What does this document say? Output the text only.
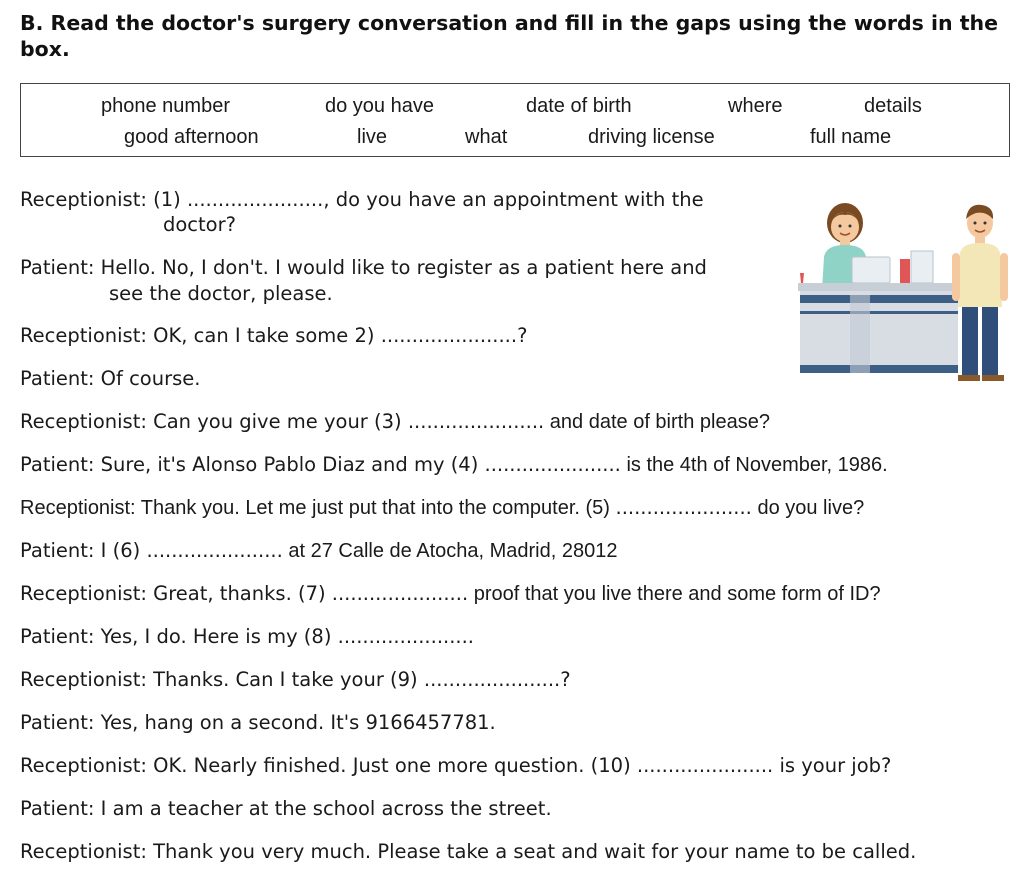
B. Read the doctor's surgery conversation and fill in the gaps using the words in the box.
phone number	do you have	date of birth	where	details
good afternoon	live	what	driving license	full name
Receptionist: (1) ......................, do you have an appointment with the
doctor?
Patient: Hello. No, I don't. I would like to register as a patient here and
see the doctor, please.
Receptionist: OK, can I take some 2) ......................?
Patient: Of course.
Receptionist: Can you give me your (3) ...................... and date of birth please?
Patient: Sure, it's Alonso Pablo Diaz and my (4) ...................... is the 4th of November, 1986.
Receptionist: Thank you. Let me just put that into the computer. (5) ...................... do you live?
Patient: I (6) ...................... at 27 Calle de Atocha, Madrid, 28012
Receptionist: Great, thanks. (7) ...................... proof that you live there and some form of ID?
Patient: Yes, I do. Here is my (8) ......................
Receptionist: Thanks. Can I take your (9) ......................?
Patient: Yes, hang on a second. It's 9166457781.
Receptionist: OK. Nearly finished. Just one more question. (10) ...................... is your job?
Patient: I am a teacher at the school across the street.
Receptionist: Thank you very much. Please take a seat and wait for your name to be called.
